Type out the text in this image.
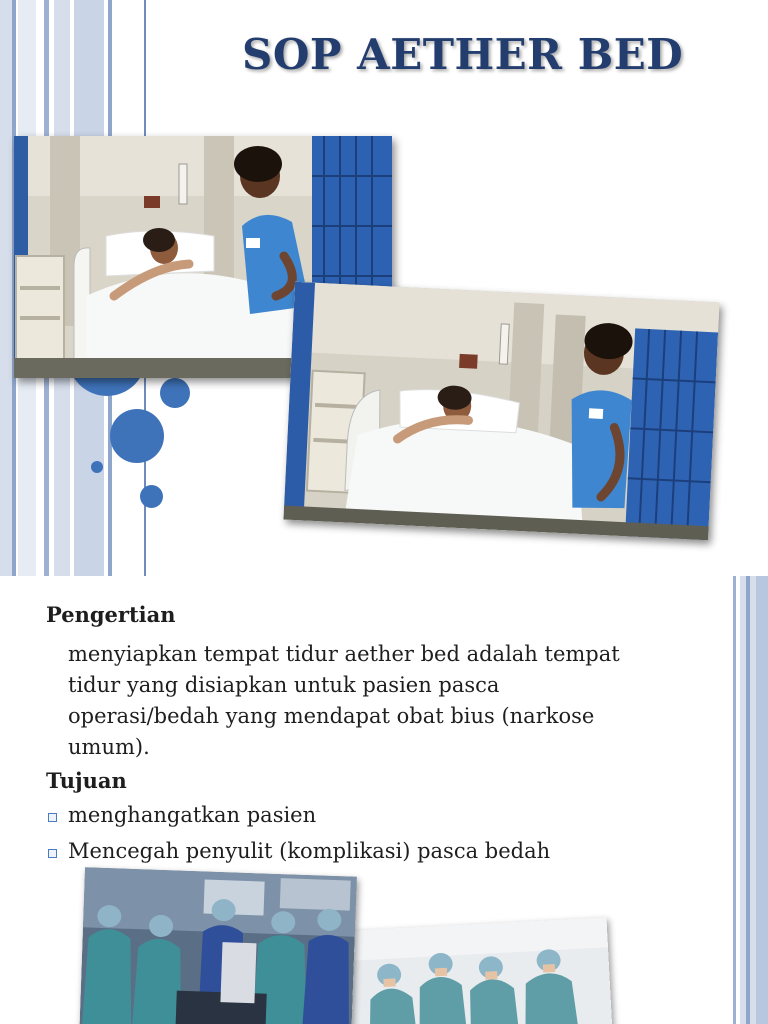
SOP AETHER BED
Pengertian

menyiapkan tempat tidur aether bed adalah tempat
tidur yang disiapkan untuk pasien pasca
operasi/bedah yang mendapat obat bius (narkose
umum).

Tujuan
menghangatkan pasien
Mencegah penyulit (komplikasi) pasca bedah
